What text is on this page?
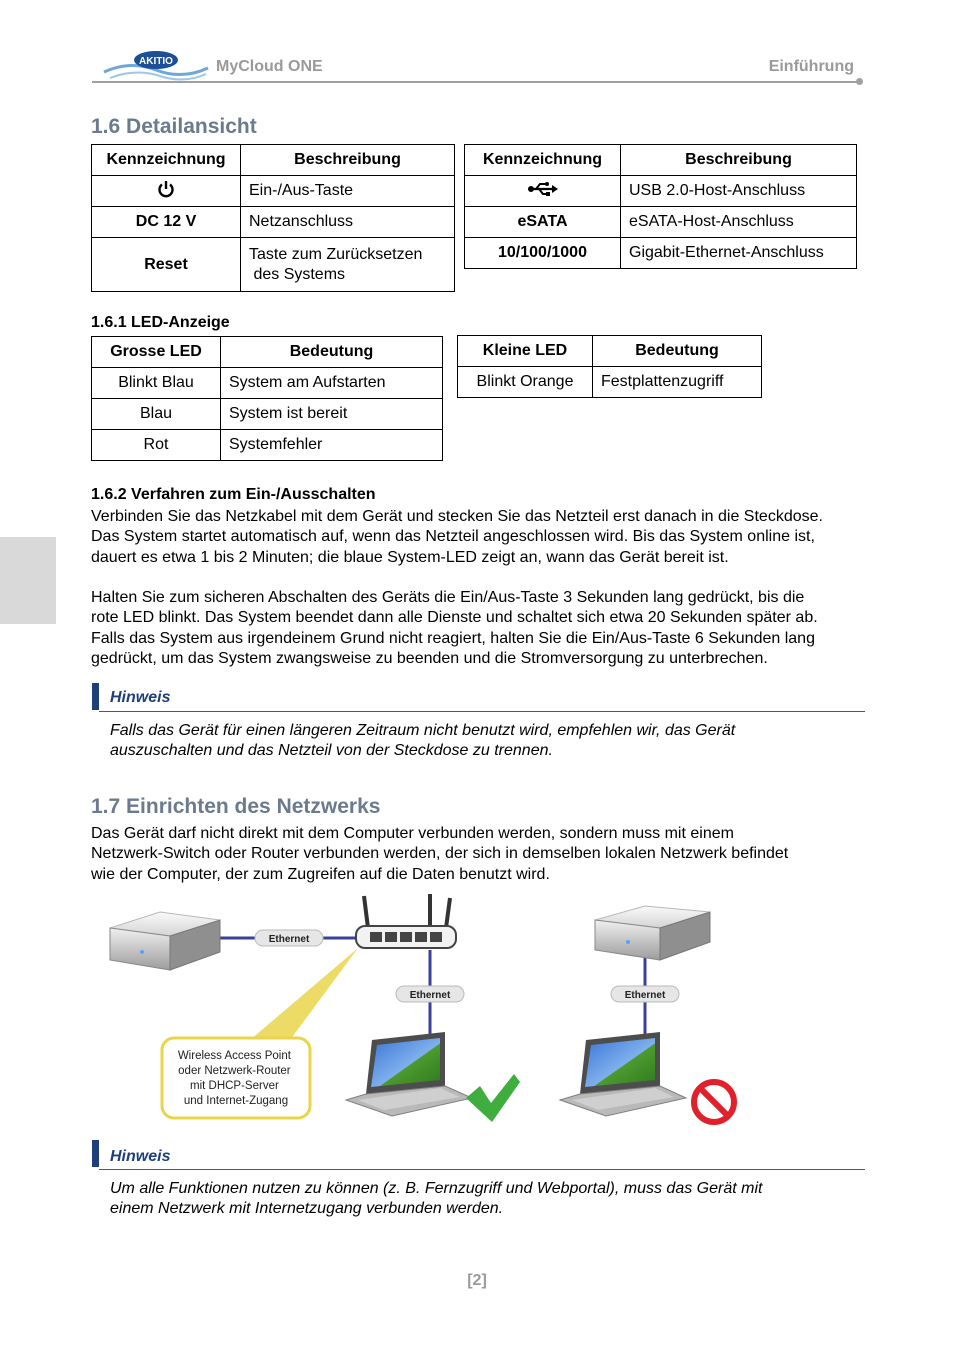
AKITIO	MyCloud ONE	Einführung
1.6 Detailansicht
Kennzeichnung	Beschreibung
	Ein-/Aus-Taste
DC 12 V	Netzanschluss
Reset	Taste zum Zurücksetzen
des Systems
Kennzeichnung	Beschreibung
	USB 2.0-Host-Anschluss
eSATA	eSATA-Host-Anschluss
10/100/1000	Gigabit-Ethernet-Anschluss
1.6.1 LED-Anzeige
Grosse LED	Bedeutung
Blinkt Blau	System am Aufstarten
Blau	System ist bereit
Rot	Systemfehler
Kleine LED	Bedeutung
Blinkt Orange	Festplattenzugriff
1.6.2 Verfahren zum Ein-/Ausschalten

Verbinden Sie das Netzkabel mit dem Gerät und stecken Sie das Netzteil erst danach in die Steckdose.
Das System startet automatisch auf, wenn das Netzteil angeschlossen wird. Bis das System online ist,
dauert es etwa 1 bis 2 Minuten; die blaue System-LED zeigt an, wann das Gerät bereit ist.

Halten Sie zum sicheren Abschalten des Geräts die Ein/Aus-Taste 3 Sekunden lang gedrückt, bis die
rote LED blinkt. Das System beendet dann alle Dienste und schaltet sich etwa 20 Sekunden später ab.
Falls das System aus irgendeinem Grund nicht reagiert, halten Sie die Ein/Aus-Taste 6 Sekunden lang
gedrückt, um das System zwangsweise zu beenden und die Stromversorgung zu unterbrechen.

Hinweis

Falls das Gerät für einen längeren Zeitraum nicht benutzt wird, empfehlen wir, das Gerät
auszuschalten und das Netzteil von der Steckdose zu trennen.

1.7 Einrichten des Netzwerks

Das Gerät darf nicht direkt mit dem Computer verbunden werden, sondern muss mit einem
Netzwerk-Switch oder Router verbunden werden, der sich in demselben lokalen Netzwerk befindet
wie der Computer, der zum Zugreifen auf die Daten benutzt wird.

Ethernet
Ethernet	Ethernet
Wireless Access Point oder Netzwerk-Router mit DHCP-Server und Internet-Zugang
Hinweis

Um alle Funktionen nutzen zu können (z. B. Fernzugriff und Webportal), muss das Gerät mit
einem Netzwerk mit Internetzugang verbunden werden.

[2]
